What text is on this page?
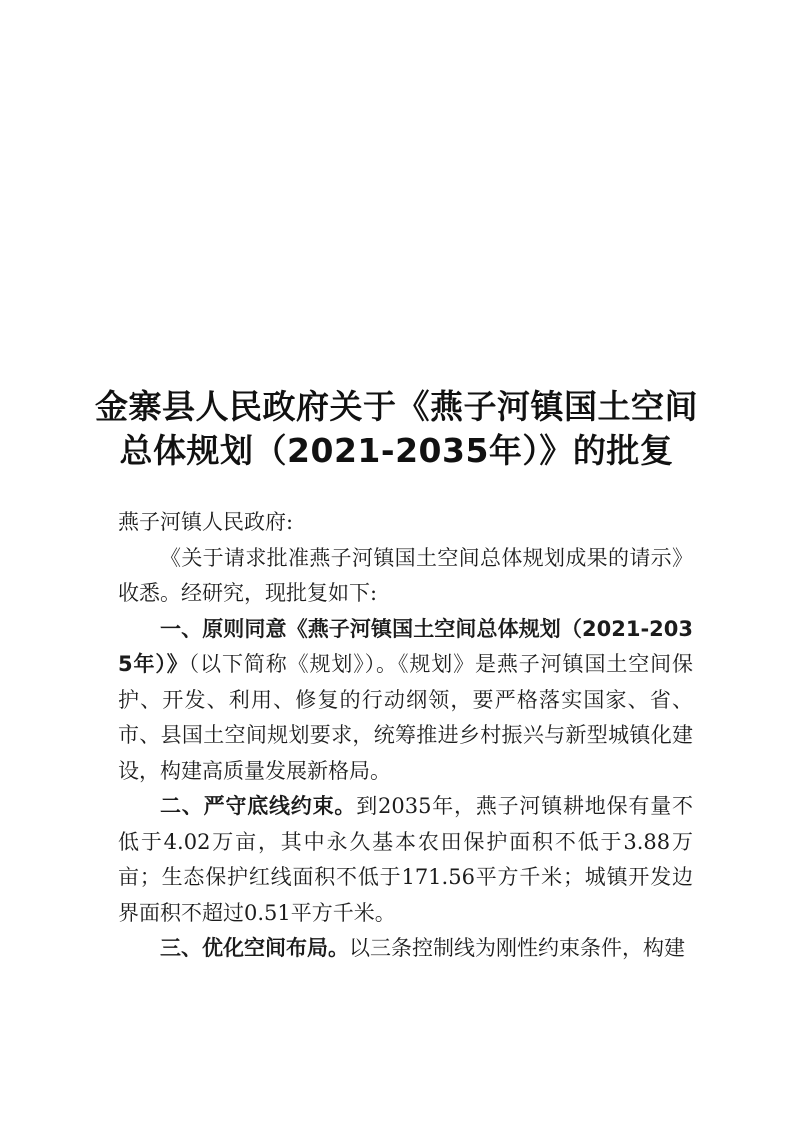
金寨县人民政府关于《燕子河镇国土空间
总体规划（2021-2035年）》的批复

燕子河镇人民政府:

《关于请求批准燕子河镇国土空间总体规划成果的请示》收悉。经研究，现批复如下:

一、原则同意《燕子河镇国土空间总体规划（2021-2035年）》（以下简称《规划》）。《规划》是燕子河镇国土空间保护、开发、利用、修复的行动纲领，要严格落实国家、省、市、县国土空间规划要求，统筹推进乡村振兴与新型城镇化建设，构建高质量发展新格局。

二、严守底线约束。到2035年，燕子河镇耕地保有量不低于4.02万亩，其中永久基本农田保护面积不低于3.88万亩；生态保护红线面积不低于171.56平方千米；城镇开发边界面积不超过0.51平方千米。

三、优化空间布局。以三条控制线为刚性约束条件，构建
